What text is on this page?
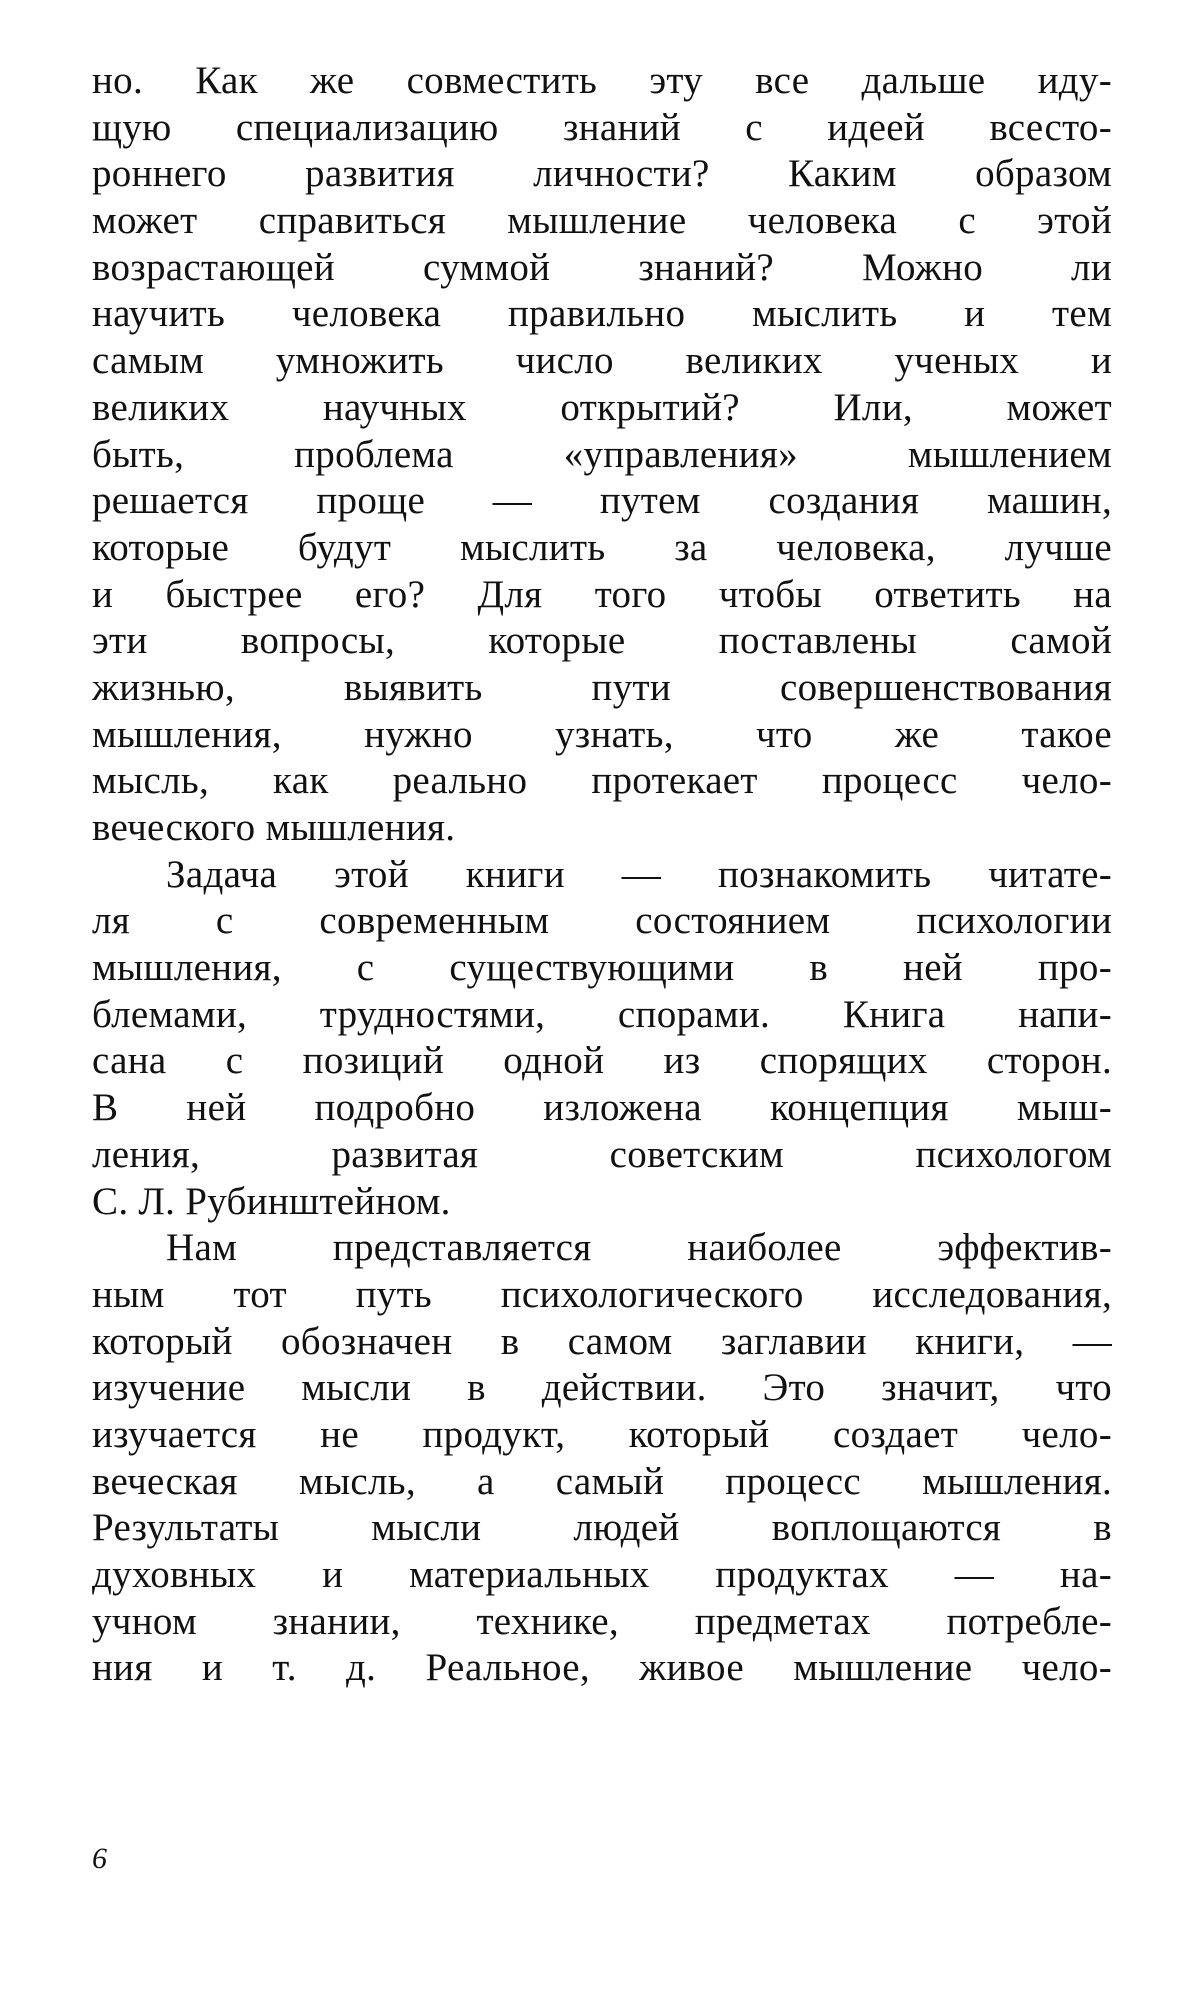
но. Как же совместить эту все дальше иду-
щую специализацию знаний с идеей всесто-
роннего развития личности? Каким образом
может справиться мышление человека с этой
возрастающей суммой знаний? Можно ли
научить человека правильно мыслить и тем
самым умножить число великих ученых и
великих научных открытий? Или, может
быть, проблема «управления» мышлением
решается проще — путем создания машин,
которые будут мыслить за человека, лучше
и быстрее его? Для того чтобы ответить на
эти вопросы, которые поставлены самой
жизнью, выявить пути совершенствования
мышления, нужно узнать, что же такое
мысль, как реально протекает процесс чело-
веческого мышления.
Задача этой книги — познакомить читате-
ля с современным состоянием психологии
мышления, с существующими в ней про-
блемами, трудностями, спорами. Книга напи-
сана с позиций одной из спорящих сторон.
В ней подробно изложена концепция мыш-
ления, развитая советским психологом
С. Л. Рубинштейном.
Нам представляется наиболее эффектив-
ным тот путь психологического исследования,
который обозначен в самом заглавии книги, —
изучение мысли в действии. Это значит, что
изучается не продукт, который создает чело-
веческая мысль, а самый процесс мышления.
Результаты мысли людей воплощаются в
духовных и материальных продуктах — на-
учном знании, технике, предметах потребле-
ния и т. д. Реальное, живое мышление чело-
6
